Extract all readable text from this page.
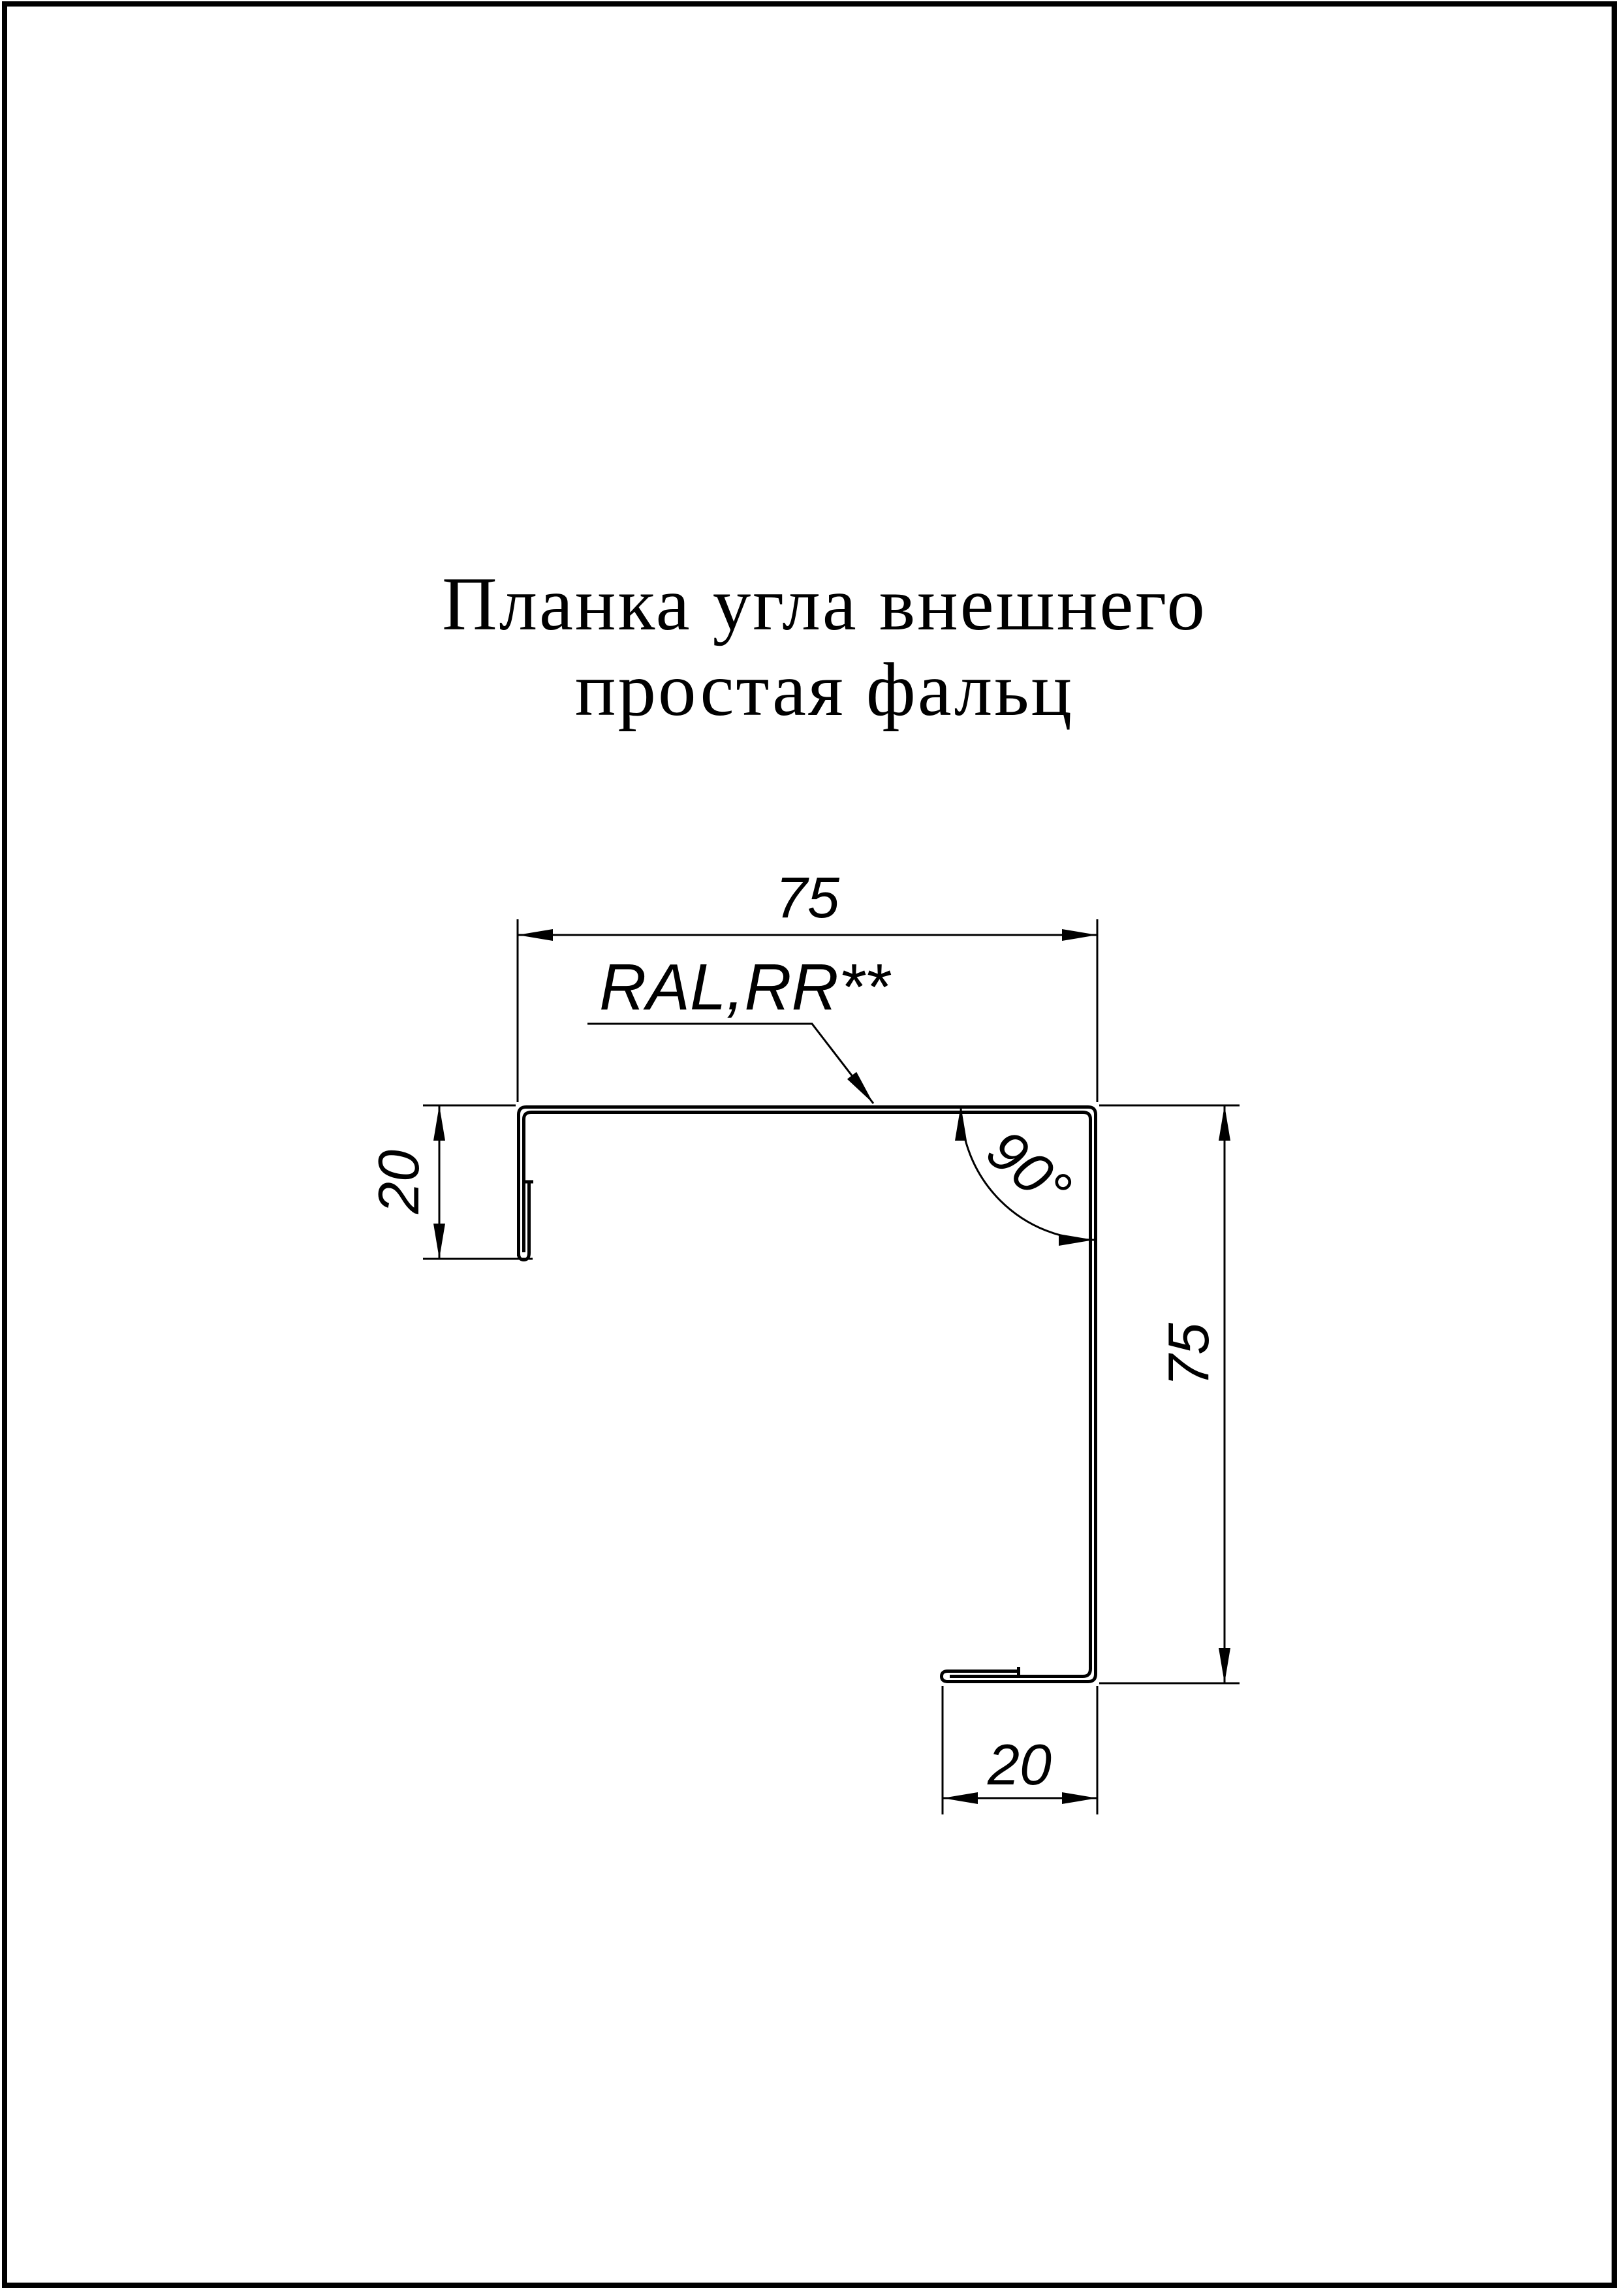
Планка угла внешнего
простая фальц
75
20
75
20
90°
RAL,RR**
